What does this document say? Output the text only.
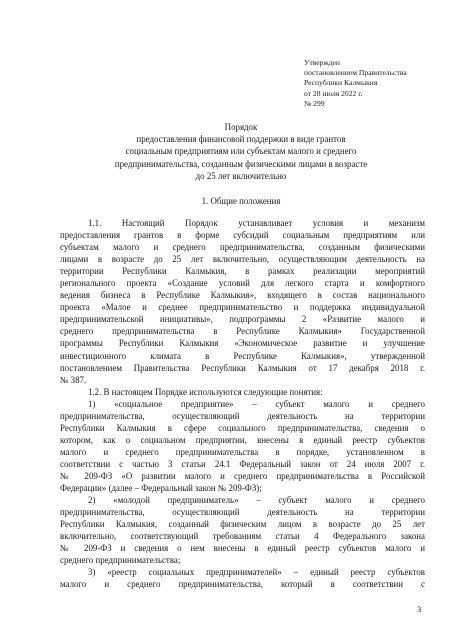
Утвержден
постановлением Правительства
Республики Калмыкия
от 28 июля 2022 г.
№ 299
Порядок
предоставления финансовой поддержки в виде грантов
социальным предприятиям или субъектам малого и среднего
предпринимательства, созданным физическими лицами в возрасте
до 25 лет включительно
1. Общие положения
1.1. Настоящий Порядок устанавливает условия и механизм
предоставления грантов в форме субсидий социальным предприятиям или
субъектам малого и среднего предпринимательства, созданным физическими
лицами в возрасте до 25 лет включительно, осуществляющим деятельность на
территории Республики Калмыкия, в рамках реализации мероприятий
регионального проекта «Создание условий для легкого старта и комфортного
ведения бизнеса в Республике Калмыкия», входящего в состав национального
проекта «Малое и среднее предпринимательство и поддержка индивидуальной
предпринимательской инициативы», подпрограммы 2 «Развитие малого и
среднего предпринимательства в Республике Калмыкия» Государственной
программы Республики Калмыкия «Экономическое развитие и улучшение
инвестиционного климата в Республике Калмыкия», утвержденной
постановлением Правительства Республики Калмыкия от 17 декабря 2018 г.
№ 387.
1.2. В настоящем Порядке используются следующие понятия:
1) «социальное предприятие» – субъект малого и среднего
предпринимательства, осуществляющий деятельность на территории
Республики Калмыкия в сфере социального предпринимательства, сведения о
котором, как о социальном предприятии, внесены в единый реестр субъектов
малого и среднего предпринимательства в порядке, установленном в
соответствии с частью 3 статьи 24.1 Федеральный закон от 24 июля 2007 г.
№ 209-ФЗ «О развитии малого и среднего предпринимательства в Российской
Федерации» (далее – Федеральный закон № 209-ФЗ);
2) «молодой предприниматель» – субъект малого и среднего
предпринимательства, осуществляющий деятельность на территории
Республики Калмыкия, созданный физическим лицом в возрасте до 25 лет
включительно, соответствующий требованиям статьи 4 Федерального закона
№ 209-ФЗ и сведения о нем внесены в единый реестр субъектов малого и
среднего предпринимательства;
3) «реестр социальных предпринимателей» – единый реестр субъектов
малого и среднего предпринимательства, который в соответствии с
3
